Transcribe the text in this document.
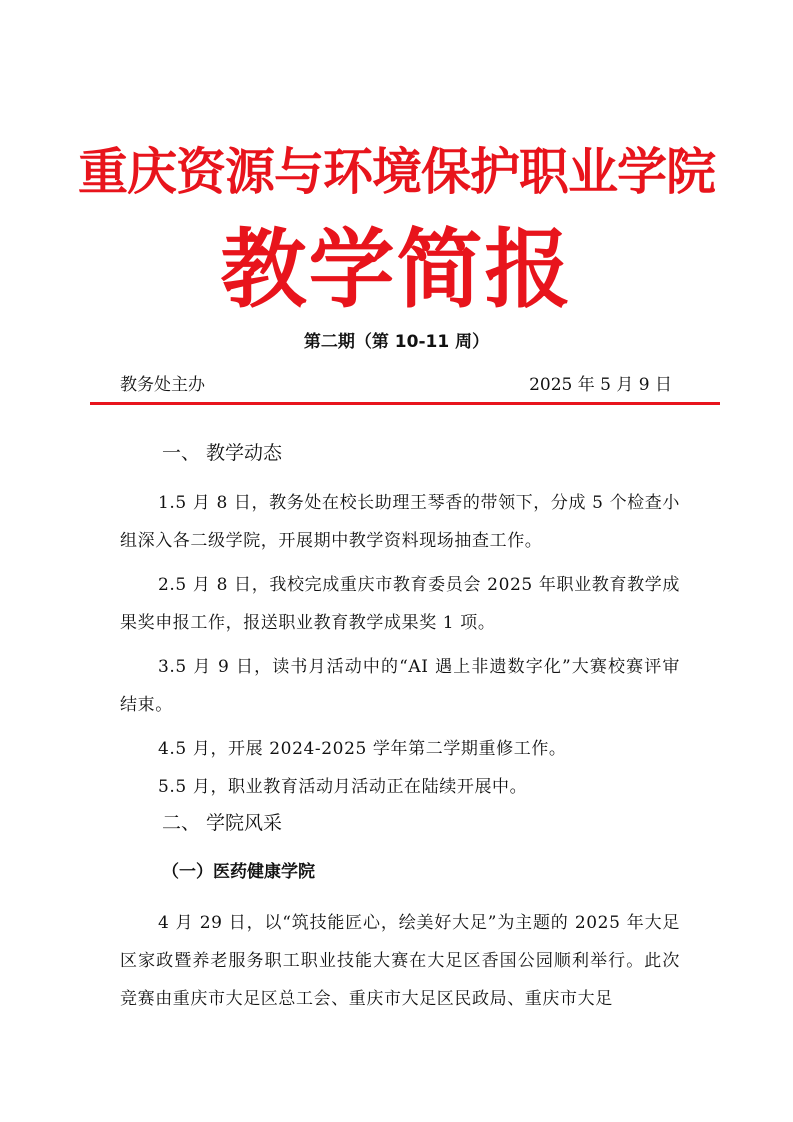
重庆资源与环境保护职业学院
教学简报
第二期（第 10-11 周）
教务处主办	2025 年 5 月 9 日
一、 教学动态
1.5 月 8 日，教务处在校长助理王琴香的带领下，分成 5 个检查小组深入各二级学院，开展期中教学资料现场抽查工作。
2.5 月 8 日，我校完成重庆市教育委员会 2025 年职业教育教学成果奖申报工作，报送职业教育教学成果奖 1 项。
3.5 月 9 日，读书月活动中的“AI 遇上非遗数字化”大赛校赛评审结束。
4.5 月，开展 2024-2025 学年第二学期重修工作。
5.5 月，职业教育活动月活动正在陆续开展中。
二、 学院风采
（一）医药健康学院
4 月 29 日，以“筑技能匠心，绘美好大足”为主题的 2025 年大足区家政暨养老服务职工职业技能大赛在大足区香国公园顺利举行。此次竞赛由重庆市大足区总工会、重庆市大足区民政局、重庆市大足
